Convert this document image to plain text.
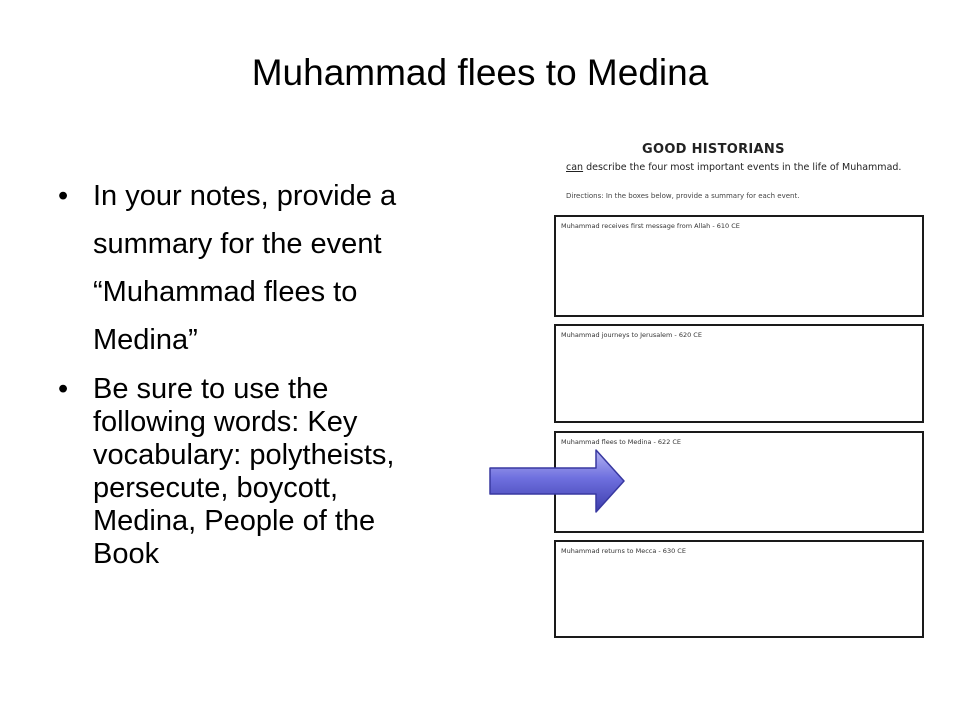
Muhammad flees to Medina
• In your notes, provide a
summary for the event
“Muhammad flees to
Medina”
• Be sure to use the
following words: Key
vocabulary: polytheists,
persecute, boycott,
Medina, People of the
Book
GOOD HISTORIANS
can describe the four most important events in the life of Muhammad.
Directions: In the boxes below, provide a summary for each event.
Muhammad receives first message from Allah - 610 CE
Muhammad journeys to Jerusalem - 620 CE
Muhammad flees to Medina - 622 CE
Muhammad returns to Mecca - 630 CE
